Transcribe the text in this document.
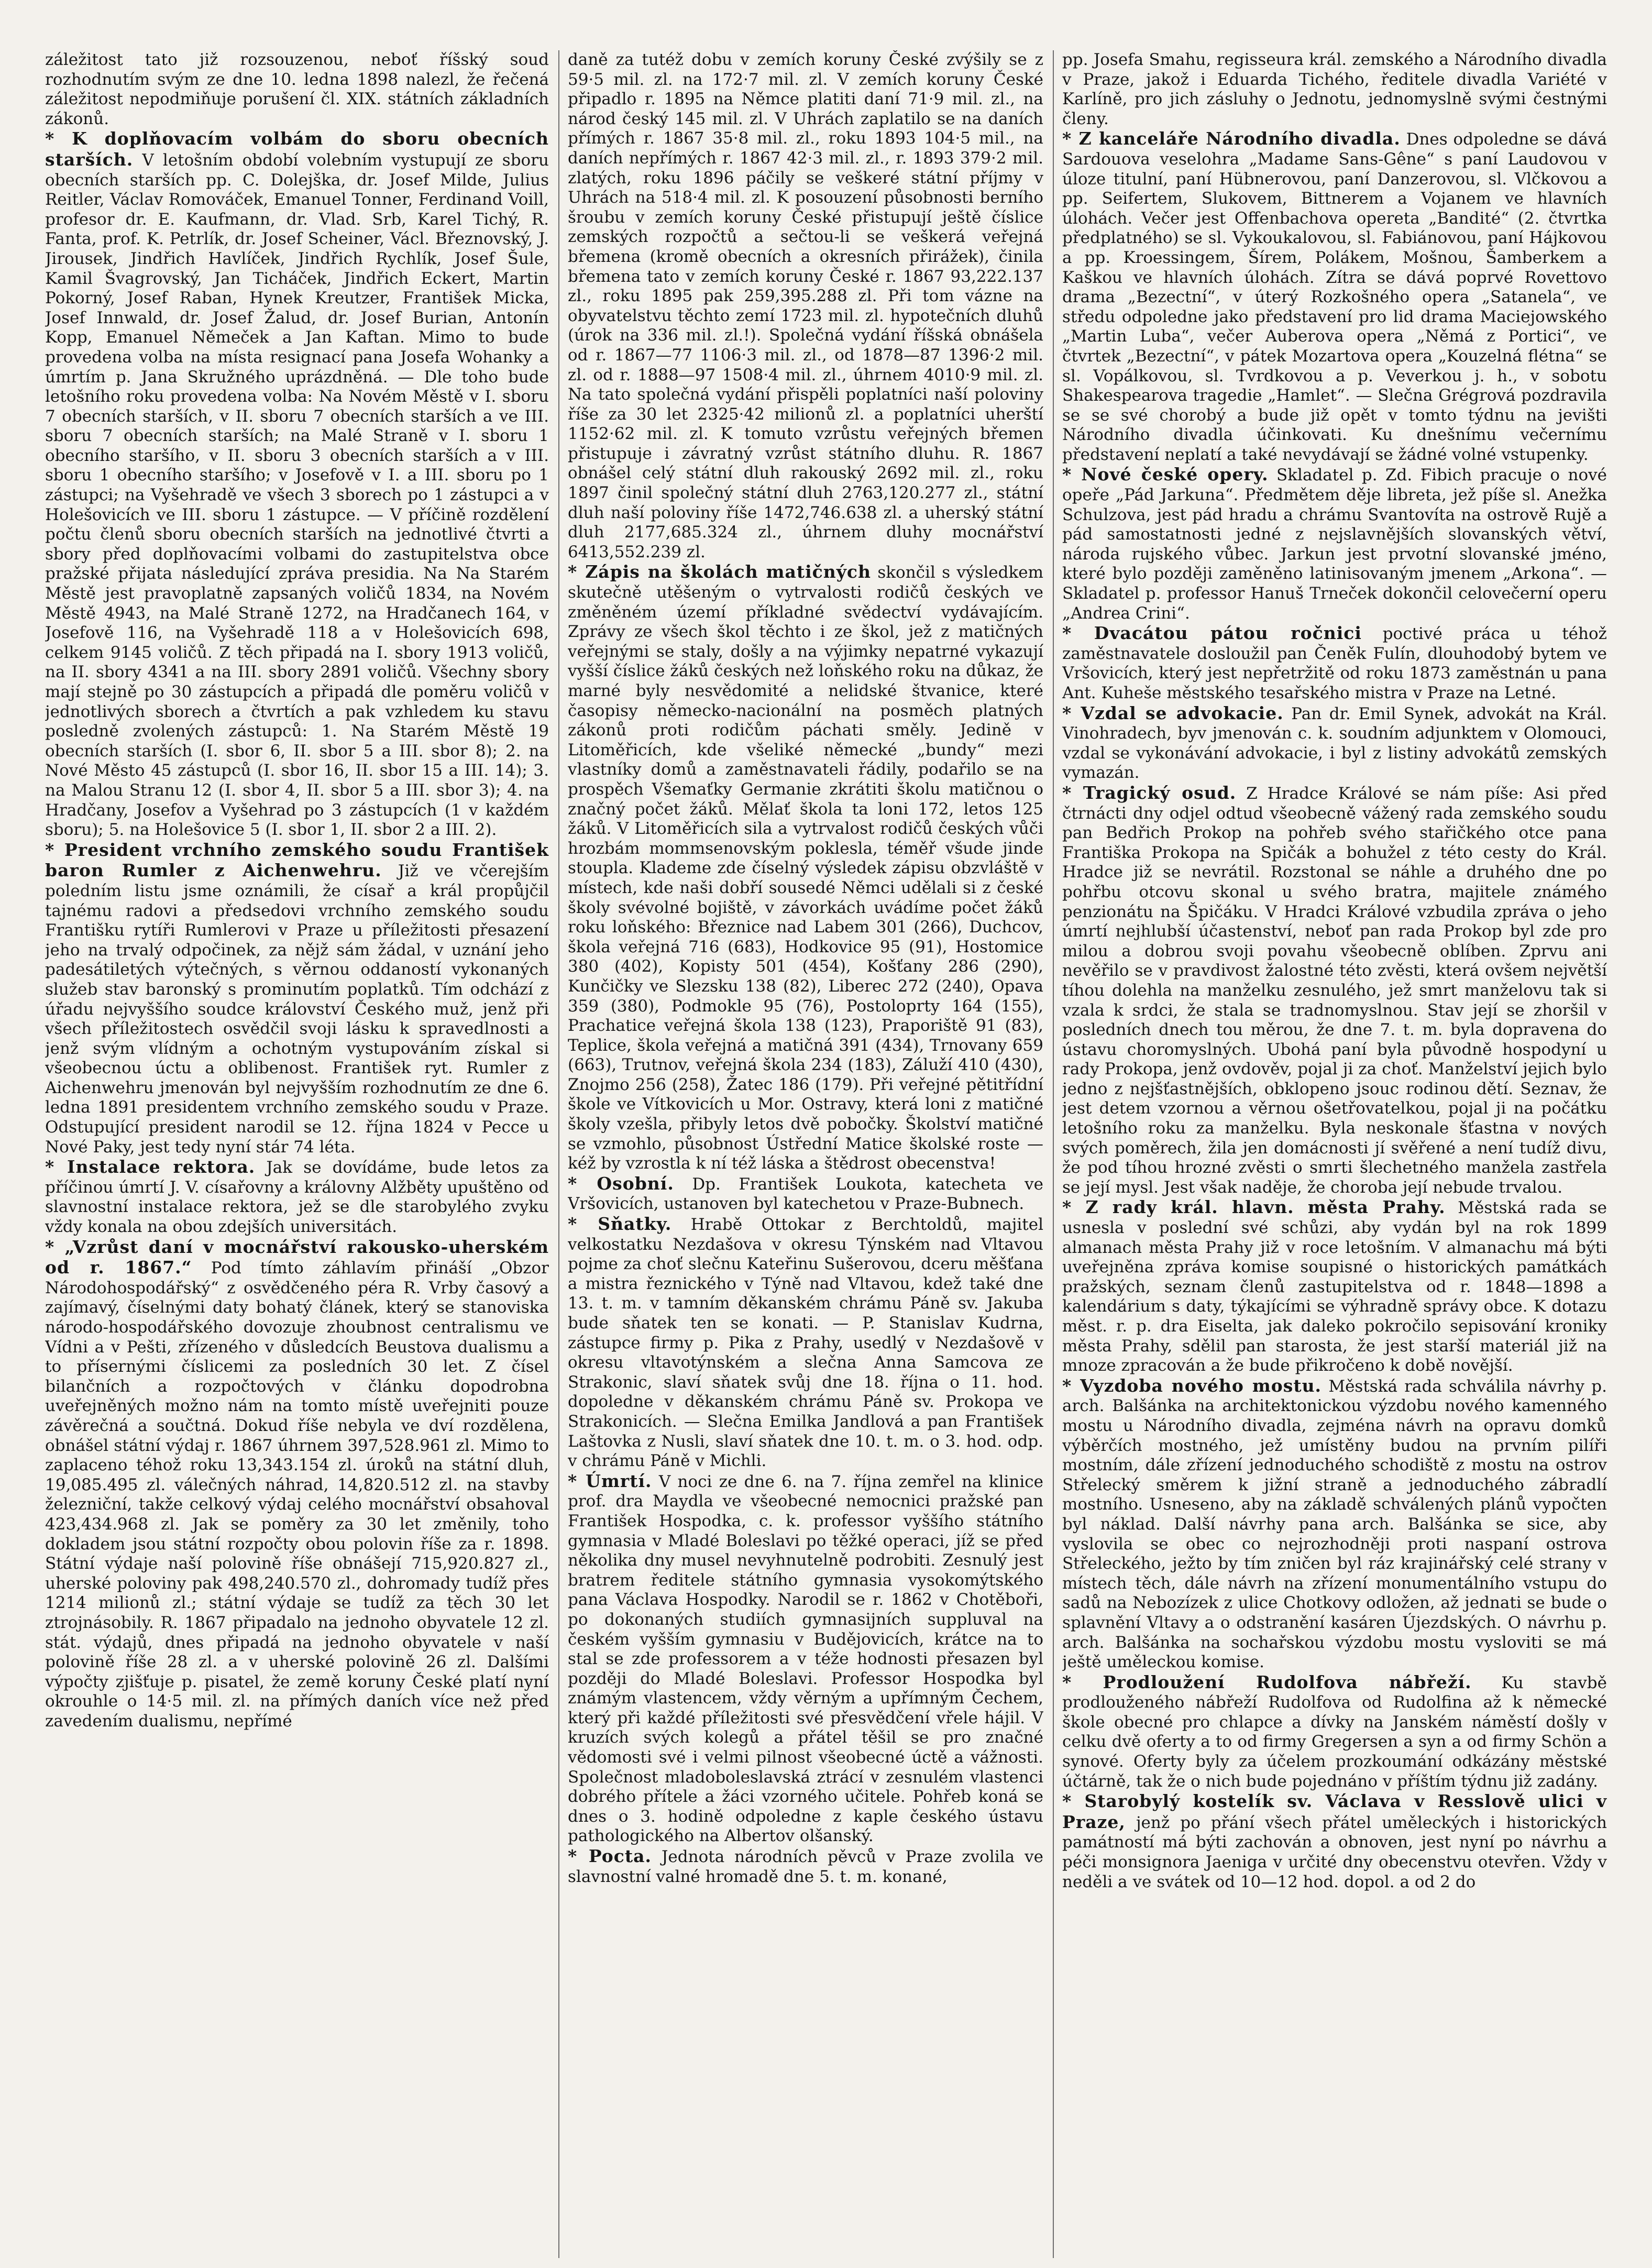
záležitost tato již rozsouzenou, neboť říšský soud rozhodnutím svým ze dne 10. ledna 1898 nalezl, že řečená záležitost nepodmiňuje porušení čl. XIX. státních základních zákonů.

* K doplňovacím volbám do sboru obecních starších. V letošním období volebním vystupují ze sboru obecních starších pp. C. Dolejška, dr. Josef Milde, Julius Reitler, Václav Romováček, Emanuel Tonner, Ferdinand Voill, profesor dr. E. Kaufmann, dr. Vlad. Srb, Karel Tichý, R. Fanta, prof. K. Petrlík, dr. Josef Scheiner, Václ. Březnovský, J. Jirousek, Jindřich Havlíček, Jindřich Rychlík, Josef Šule, Kamil Švagrovský, Jan Ticháček, Jindřich Eckert, Martin Pokorný, Josef Raban, Hynek Kreutzer, František Micka, Josef Innwald, dr. Josef Žalud, dr. Josef Burian, Antonín Kopp, Emanuel Němeček a Jan Kaftan. Mimo to bude provedena volba na místa resignací pana Josefa Wohanky a úmrtím p. Jana Skružného uprázdněná. — Dle toho bude letošního roku provedena volba: Na Novém Městě v I. sboru 7 obecních starších, v II. sboru 7 obecních starších a ve III. sboru 7 obecních starších; na Malé Straně v I. sboru 1 obecního staršího, v II. sboru 3 obecních starších a v III. sboru 1 obecního staršího; v Josefově v I. a III. sboru po 1 zástupci; na Vyšehradě ve všech 3 sborech po 1 zástupci a v Holešovicích ve III. sboru 1 zástupce. — V příčině rozdělení počtu členů sboru obecních starších na jednotlivé čtvrti a sbory před doplňovacími volbami do zastupitelstva obce pražské přijata následující zpráva presidia. Na Na Starém Městě jest pravoplatně zapsaných voličů 1834, na Novém Městě 4943, na Malé Straně 1272, na Hradčanech 164, v Josefově 116, na Vyšehradě 118 a v Holešovicích 698, celkem 9145 voličů. Z těch připadá na I. sbory 1913 voličů, na II. sbory 4341 a na III. sbory 2891 voličů. Všechny sbory mají stejně po 30 zástupcích a připadá dle poměru voličů v jednotlivých sborech a čtvrtích a pak vzhledem ku stavu posledně zvolených zástupců: 1. Na Starém Městě 19 obecních starších (I. sbor 6, II. sbor 5 a III. sbor 8); 2. na Nové Město 45 zástupců (I. sbor 16, II. sbor 15 a III. 14); 3. na Malou Stranu 12 (I. sbor 4, II. sbor 5 a III. sbor 3); 4. na Hradčany, Josefov a Vyšehrad po 3 zástupcích (1 v každém sboru); 5. na Holešovice 5 (I. sbor 1, II. sbor 2 a III. 2).

* President vrchního zemského soudu František baron Rumler z Aichenwehru. Již ve včerejším poledním listu jsme oznámili, že císař a král propůjčil tajnému radovi a předsedovi vrchního zemského soudu Františku rytíři Rumlerovi v Praze u příležitosti přesazení jeho na trvalý odpočinek, za nějž sám žádal, v uznání jeho padesátiletých výtečných, s věrnou oddaností vykonaných služeb stav baronský s prominutím poplatků. Tím odchází z úřadu nejvyššího soudce království Českého muž, jenž při všech příležitostech osvědčil svoji lásku k spravedlnosti a jenž svým vlídným a ochotným vystupováním získal si všeobecnou úctu a oblibenost. František ryt. Rumler z Aichenwehru jmenován byl nejvyšším rozhodnutím ze dne 6. ledna 1891 presidentem vrchního zemského soudu v Praze. Odstupující president narodil se 12. října 1824 v Pecce u Nové Paky, jest tedy nyní stár 74 léta.

* Instalace rektora. Jak se dovídáme, bude letos za příčinou úmrtí J. V. císařovny a královny Alžběty upuštěno od slavnostní instalace rektora, jež se dle starobylého zvyku vždy konala na obou zdejších universitách.

* „Vzrůst daní v mocnářství rakousko-uherském od r. 1867.“ Pod tímto záhlavím přináší „Obzor Národohospodářský“ z osvědčeného péra R. Vrby časový a zajímavý, číselnými daty bohatý článek, který se stanoviska národo-hospodářského dovozuje zhoubnost centralismu ve Vídni a v Pešti, zřízeného v důsledcích Beustova dualismu a to přísernými číslicemi za posledních 30 let. Z čísel bilančních a rozpočtových v článku dopodrobna uveřejněných možno nám na tomto místě uveřejniti pouze závěrečná a součtná. Dokud říše nebyla ve dví rozdělena, obnášel státní výdaj r. 1867 úhrnem 397,528.961 zl. Mimo to zaplaceno téhož roku 13,343.154 zl. úroků na státní dluh, 19,085.495 zl. válečných náhrad, 14,820.512 zl. na stavby železniční, takže celkový výdaj celého mocnářství obsahoval 423,434.968 zl. Jak se poměry za 30 let změnily, toho dokladem jsou státní rozpočty obou polovin říše za r. 1898. Státní výdaje naší polovině říše obnášejí 715,920.827 zl., uherské poloviny pak 498,240.570 zl., dohromady tudíž přes 1214 milionů zl.; státní výdaje se tudíž za těch 30 let ztrojnásobily. R. 1867 připadalo na jednoho obyvatele 12 zl. stát. výdajů, dnes připadá na jednoho obyvatele v naší polovině říše 28 zl. a v uherské polovině 26 zl. Dalšími výpočty zjišťuje p. pisatel, že země koruny České platí nyní okrouhle o 14·5 mil. zl. na přímých daních více než před zavedením dualismu, nepřímé

daně za tutéž dobu v zemích koruny České zvýšily se z 59·5 mil. zl. na 172·7 mil. zl. V zemích koruny České připadlo r. 1895 na Němce platiti daní 71·9 mil. zl., na národ český 145 mil. zl. V Uhrách zaplatilo se na daních přímých r. 1867 35·8 mil. zl., roku 1893 104·5 mil., na daních nepřímých r. 1867 42·3 mil. zl., r. 1893 379·2 mil. zlatých, roku 1896 páčily se veškeré státní příjmy v Uhrách na 518·4 mil. zl. K posouzení působnosti berního šroubu v zemích koruny České přistupují ještě číslice zemských rozpočtů a sečtou-li se veškerá veřejná břemena (kromě obecních a okresních přirážek), činila břemena tato v zemích koruny České r. 1867 93,222.137 zl., roku 1895 pak 259,395.288 zl. Při tom vázne na obyvatelstvu těchto zemí 1723 mil. zl. hypotečních dluhů (úrok na 336 mil. zl.!). Společná vydání říšská obnášela od r. 1867—77 1106·3 mil. zl., od 1878—87 1396·2 mil. zl. od r. 1888—97 1508·4 mil. zl., úhrnem 4010·9 mil. zl. Na tato společná vydání přispěli poplatníci naší poloviny říše za 30 let 2325·42 milionů zl. a poplatníci uherští 1152·62 mil. zl. K tomuto vzrůstu veřejných břemen přistupuje i závratný vzrůst státního dluhu. R. 1867 obnášel celý státní dluh rakouský 2692 mil. zl., roku 1897 činil společný státní dluh 2763,120.277 zl., státní dluh naší poloviny říše 1472,746.638 zl. a uherský státní dluh 2177,685.324 zl., úhrnem dluhy mocnářství 6413,552.239 zl.

* Zápis na školách matičných skončil s výsledkem skutečně utěšeným o vytrvalosti rodičů českých ve změněném území příkladné svědectví vydávajícím. Zprávy ze všech škol těchto i ze škol, jež z matičných veřejnými se staly, došly a na výjimky nepatrné vykazují vyšší číslice žáků českých než loňského roku na důkaz, že marné byly nesvědomité a nelidské štvanice, které časopisy německo-nacionální na posměch platných zákonů proti rodičům páchati směly. Jedině v Litoměřicích, kde všeliké německé „bundy“ mezi vlastníky domů a zaměstnavateli řádily, podařilo se na prospěch Všemaťky Germanie zkrátiti školu matičnou o značný počet žáků. Mělať škola ta loni 172, letos 125 žáků. V Litoměřicích sila a vytrvalost rodičů českých vůči hrozbám mommsenovským poklesla, téměř všude jinde stoupla. Klademe zde číselný výsledek zápisu obzvláště v místech, kde naši dobří sousedé Němci udělali si z české školy svévolné bojiště, v závorkách uvádíme počet žáků roku loňského: Březnice nad Labem 301 (266), Duchcov, škola veřejná 716 (683), Hodkovice 95 (91), Hostomice 380 (402), Kopisty 501 (454), Košťany 286 (290), Kunčičky ve Slezsku 138 (82), Liberec 272 (240), Opava 359 (380), Podmokle 95 (76), Postoloprty 164 (155), Prachatice veřejná škola 138 (123), Praporiště 91 (83), Teplice, škola veřejná a matičná 391 (434), Trnovany 659 (663), Trutnov, veřejná škola 234 (183), Záluží 410 (430), Znojmo 256 (258), Žatec 186 (179). Při veřejné pětitřídní škole ve Vítkovicích u Mor. Ostravy, která loni z matičné školy vzešla, přibyly letos dvě pobočky. Školství matičné se vzmohlo, působnost Ústřední Matice školské roste — kéž by vzrostla k ní též láska a štědrost obecenstva!

* Osobní. Dp. František Loukota, katecheta ve Vršovicích, ustanoven byl katechetou v Praze-Bubnech.

* Sňatky. Hrabě Ottokar z Berchtoldů, majitel velkostatku Nezdašova v okresu Týnském nad Vltavou pojme za choť slečnu Kateřinu Sušerovou, dceru měšťana a mistra řeznického v Týně nad Vltavou, kdež také dne 13. t. m. v tamním děkanském chrámu Páně sv. Jakuba bude sňatek ten se konati. — P. Stanislav Kudrna, zástupce firmy p. Pika z Prahy, usedlý v Nezdašově v okresu vltavotýnském a slečna Anna Samcova ze Strakonic, slaví sňatek svůj dne 18. října o 11. hod. dopoledne v děkanském chrámu Páně sv. Prokopa ve Strakonicích. — Slečna Emilka Jandlová a pan František Laštovka z Nusli, slaví sňatek dne 10. t. m. o 3. hod. odp. v chrámu Páně v Michli.

* Úmrtí. V noci ze dne 6. na 7. října zemřel na klinice prof. dra Maydla ve všeobecné nemocnici pražské pan František Hospodka, c. k. professor vyššího státního gymnasia v Mladé Boleslavi po těžké operaci, jíž se před několika dny musel nevyhnutelně podrobiti. Zesnulý jest bratrem ředitele státního gymnasia vysokomýtského pana Václava Hospodky. Narodil se r. 1862 v Chotěboři, po dokonaných studiích gymnasijních suppluval na českém vyšším gymnasiu v Budějovicích, krátce na to stal se zde professorem a v téže hodnosti přesazen byl později do Mladé Boleslavi. Professor Hospodka byl známým vlastencem, vždy věrným a upřímným Čechem, který při každé příležitosti své přesvědčení vřele hájil. V kruzích svých kolegů a přátel těšil se pro značné vědomosti své i velmi pilnost všeobecné úctě a vážnosti. Společnost mladoboleslavská ztrácí v zesnulém vlastenci dobrého přítele a žáci vzorného učitele. Pohřeb koná se dnes o 3. hodině odpoledne z kaple českého ústavu pathologického na Albertov olšanský.

* Pocta. Jednota národních pěvců v Praze zvolila ve slavnostní valné hromadě dne 5. t. m. konané,

pp. Josefa Smahu, regisseura král. zemského a Národního divadla v Praze, jakož i Eduarda Tichého, ředitele divadla Variété v Karlíně, pro jich zásluhy o Jednotu, jednomyslně svými čestnými členy.

* Z kanceláře Národního divadla. Dnes odpoledne se dává Sardouova veselohra „Madame Sans-Gêne“ s paní Laudovou v úloze titulní, paní Hübnerovou, paní Danzerovou, sl. Vlčkovou a pp. Seifertem, Slukovem, Bittnerem a Vojanem ve hlavních úlohách. Večer jest Offenbachova opereta „Bandité“ (2. čtvrtka předplatného) se sl. Vykoukalovou, sl. Fabiánovou, paní Hájkovou a pp. Kroessingem, Šírem, Polákem, Mošnou, Šamberkem a Kaškou ve hlavních úlohách. Zítra se dává poprvé Rovettovo drama „Bezectní“, v úterý Rozkošného opera „Satanela“, ve středu odpoledne jako představení pro lid drama Maciejowského „Martin Luba“, večer Auberova opera „Němá z Portici“, ve čtvrtek „Bezectní“, v pátek Mozartova opera „Kouzelná flétna“ se sl. Vopálkovou, sl. Tvrdkovou a p. Veverkou j. h., v sobotu Shakespearova tragedie „Hamlet“. — Slečna Grégrová pozdravila se se své chorobý a bude již opět v tomto týdnu na jevišti Národního divadla účinkovati. Ku dnešnímu večernímu představení neplatí a také nevydávají se žádné volné vstupenky.

* Nové české opery. Skladatel p. Zd. Fibich pracuje o nové opeře „Pád Jarkuna“. Předmětem děje libreta, jež píše sl. Anežka Schulzova, jest pád hradu a chrámu Svantovíta na ostrově Rujě a pád samostatnosti jedné z nejslavnějších slovanských větví, národa rujského vůbec. Jarkun jest prvotní slovanské jméno, které bylo později zaměněno latinisovaným jmenem „Arkona“. — Skladatel p. professor Hanuš Trneček dokončil celovečerní operu „Andrea Crini“.

* Dvacátou pátou ročnici poctivé práca u téhož zaměstnavatele dosloužil pan Čeněk Fulín, dlouhodobý bytem ve Vršovicích, který jest nepřetržitě od roku 1873 zaměstnán u pana Ant. Kuheše městského tesařského mistra v Praze na Letné.

* Vzdal se advokacie. Pan dr. Emil Synek, advokát na Král. Vinohradech, byv jmenován c. k. soudním adjunktem v Olomouci, vzdal se vykonávání advokacie, i byl z listiny advokátů zemských vymazán.

* Tragický osud. Z Hradce Králové se nám píše: Asi před čtrnácti dny odjel odtud všeobecně vážený rada zemského soudu pan Bedřich Prokop na pohřeb svého stařičkého otce pana Františka Prokopa na Spičák a bohužel z této cesty do Král. Hradce již se nevrátil. Rozstonal se náhle a druhého dne po pohřbu otcovu skonal u svého bratra, majitele známého penzionátu na Špičáku. V Hradci Králové vzbudila zpráva o jeho úmrtí nejhlubší účastenství, neboť pan rada Prokop byl zde pro milou a dobrou svoji povahu všeobecně oblíben. Zprvu ani nevěřilo se v pravdivost žalostné této zvěsti, která ovšem největší tíhou dolehla na manželku zesnulého, jež smrt manželovu tak si vzala k srdci, že stala se tradnomyslnou. Stav její se zhoršil v posledních dnech tou měrou, že dne 7. t. m. byla dopravena do ústavu choromyslných. Ubohá paní byla původně hospodyní u rady Prokopa, jenž ovdověv, pojal ji za choť. Manželství jejich bylo jedno z nejšťastnějších, obklopeno jsouc rodinou dětí. Seznav, že jest detem vzornou a věrnou ošetřovatelkou, pojal ji na počátku letošního roku za manželku. Byla neskonale šťastna v nových svých poměrech, žila jen domácnosti jí svěřené a není tudíž divu, že pod tíhou hrozné zvěsti o smrti šlechetného manžela zastřela se její mysl. Jest však naděje, že choroba její nebude trvalou.

* Z rady král. hlavn. města Prahy. Městská rada se usnesla v poslední své schůzi, aby vydán byl na rok 1899 almanach města Prahy již v roce letošním. V almanachu má býti uveřejněna zpráva komise soupisné o historických památkách pražských, seznam členů zastupitelstva od r. 1848—1898 a kalendárium s daty, týkajícími se výhradně správy obce. K dotazu měst. r. p. dra Eiselta, jak daleko pokročilo sepisování kroniky města Prahy, sdělil pan starosta, že jest starší materiál již na mnoze zpracován a že bude přikročeno k době novější.

* Vyzdoba nového mostu. Městská rada schválila návrhy p. arch. Balšánka na architektonickou výzdobu nového kamenného mostu u Národního divadla, zejména návrh na opravu domků výběrčích mostného, jež umístěny budou na prvním pilíři mostním, dále zřízení jednoduchého schodiště z mostu na ostrov Střelecký směrem k jižní straně a jednoduchého zábradlí mostního. Usneseno, aby na základě schválených plánů vypočten byl náklad. Další návrhy pana arch. Balšánka se sice, aby vyslovila se obec co nejrozhodněji proti naspaní ostrova Střeleckého, ježto by tím zničen byl ráz krajinářský celé strany v místech těch, dále návrh na zřízení monumentálního vstupu do sadů na Nebozízek z ulice Chotkovy odložen, až jednati se bude o splavnění Vltavy a o odstranění kasáren Újezdských. O návrhu p. arch. Balšánka na sochařskou výzdobu mostu vysloviti se má ještě uměleckou komise.

* Prodloužení Rudolfova nábřeží. Ku stavbě prodlouženého nábřeží Rudolfova od Rudolfina až k německé škole obecné pro chlapce a dívky na Janském náměstí došly v celku dvě oferty a to od firmy Gregersen a syn a od firmy Schön a synové. Oferty byly za účelem prozkoumání odkázány městské účtárně, tak že o nich bude pojednáno v příštím týdnu již zadány.

* Starobylý kostelík sv. Václava v Resslově ulici v Praze, jenž po přání všech přátel uměleckých i historických památností má býti zachován a obnoven, jest nyní po návrhu a péči monsignora Jaeniga v určité dny obecenstvu otevřen. Vždy v neděli a ve svátek od 10—12 hod. dopol. a od 2 do
